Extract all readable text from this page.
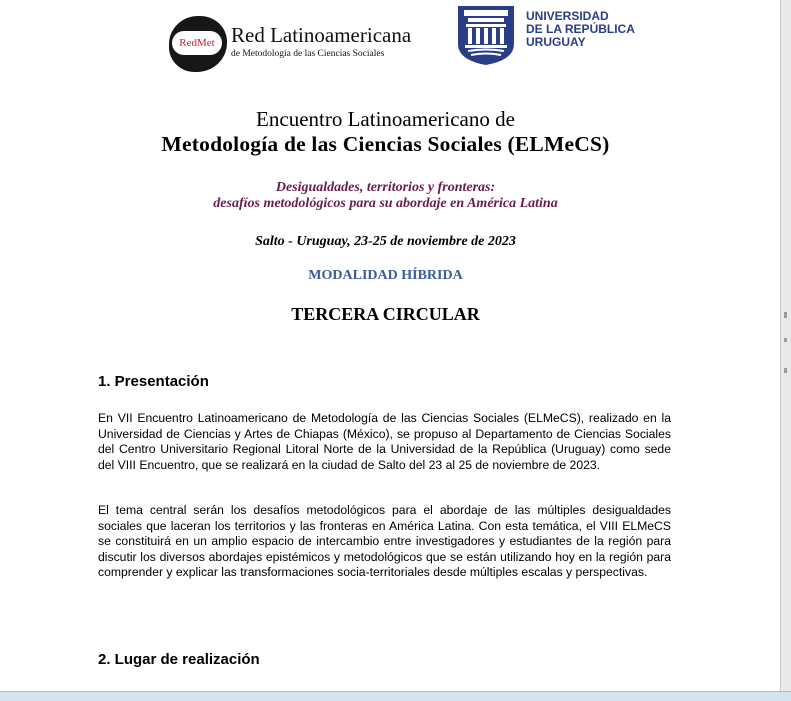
RedMet Red Latinoamericana
de Metodología de las Ciencias Sociales
UNIVERSIDAD
DE LA REPÚBLICA
URUGUAY
Encuentro Latinoamericano de
Metodología de las Ciencias Sociales (ELMeCS)
Desigualdades, territorios y fronteras:
desafíos metodológicos para su abordaje en América Latina
Salto - Uruguay, 23-25 de noviembre de 2023
MODALIDAD HÍBRIDA
TERCERA CIRCULAR
1. Presentación

En VII Encuentro Latinoamericano de Metodología de las Ciencias Sociales (ELMeCS), realizado en la Universidad de Ciencias y Artes de Chiapas (México), se propuso al Departamento de Ciencias Sociales del Centro Universitario Regional Litoral Norte de la Universidad de la República (Uruguay) como sede del VIII Encuentro, que se realizará en la ciudad de Salto del 23 al 25 de noviembre de 2023.

El tema central serán los desafíos metodológicos para el abordaje de las múltiples desigualdades sociales que laceran los territorios y las fronteras en América Latina. Con esta temática, el VIII ELMeCS se constituirá en un amplio espacio de intercambio entre investigadores y estudiantes de la región para discutir los diversos abordajes epistémicos y metodológicos que se están utilizando hoy en la región para comprender y explicar las transformaciones socia-territoriales desde múltiples escalas y perspectivas.

2. Lugar de realización
